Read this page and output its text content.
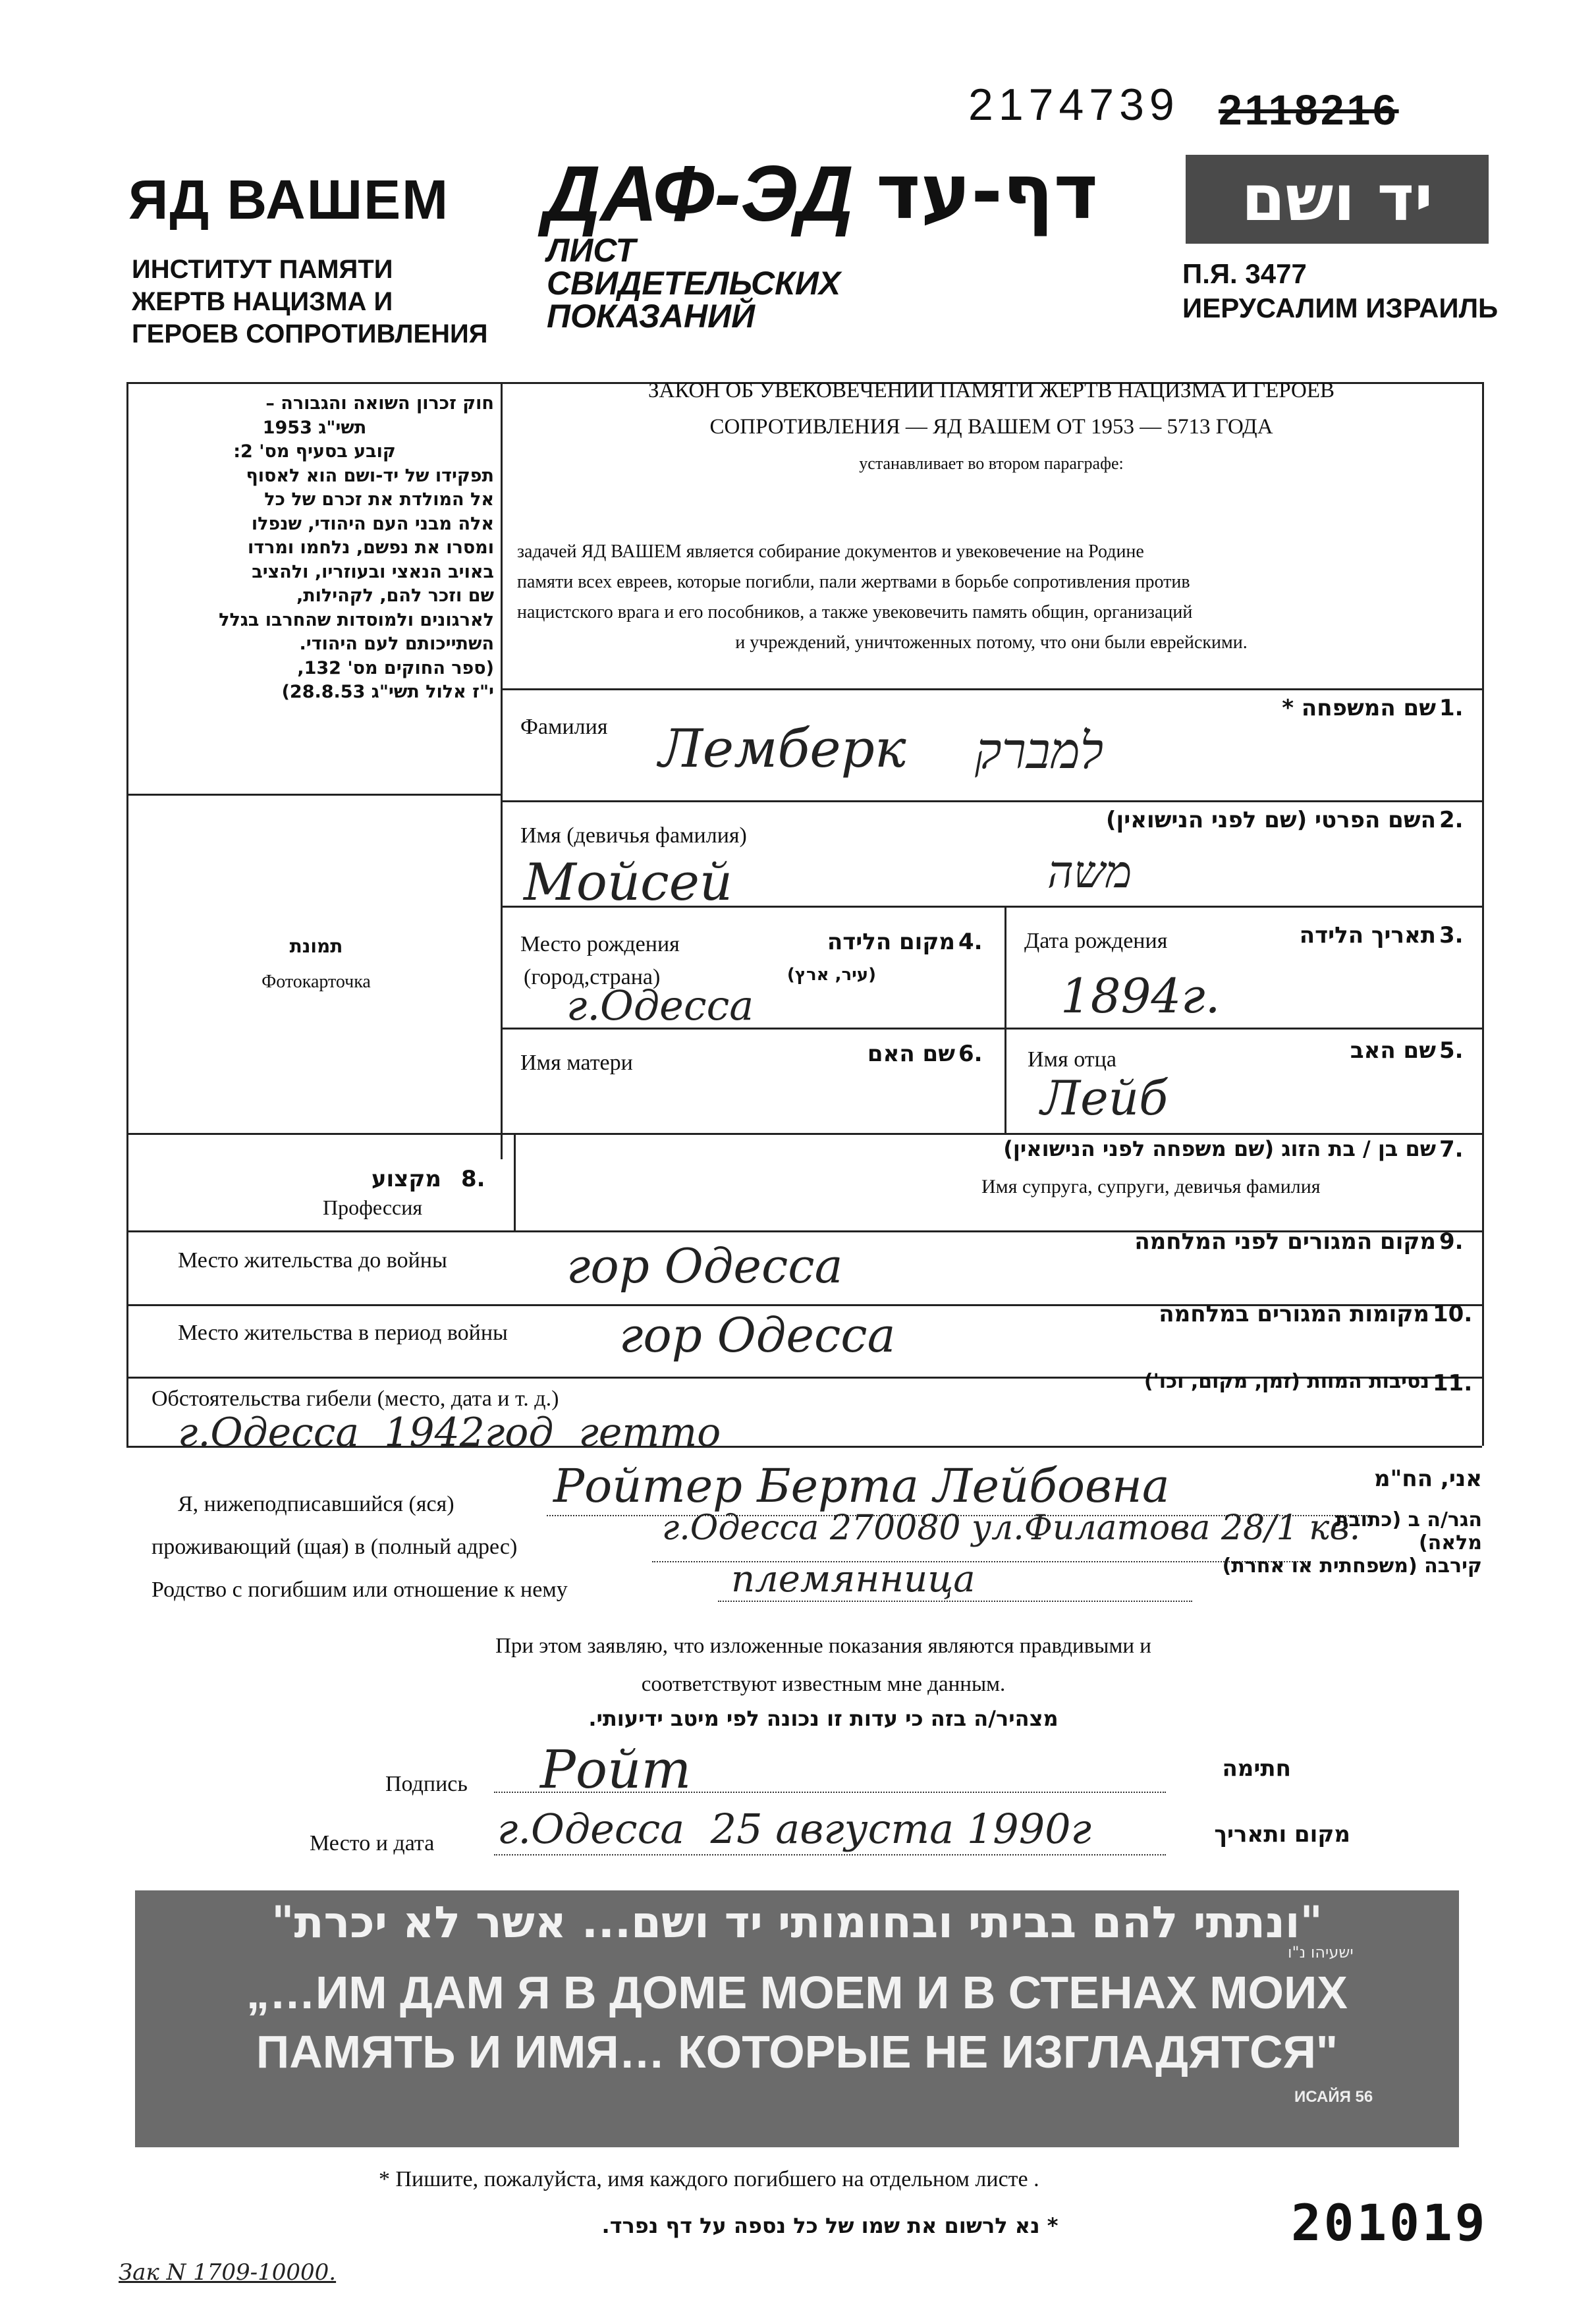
2174739 2118216
ЯД ВАШЕМ ДАФ-ЭД דף-עד	יד ושם
ИНСТИТУТ ПАМЯТИ
ЖЕРТВ НАЦИЗМА И
ГЕРОЕВ СОПРОТИВЛЕНИЯ
ЛИСТ
СВИДЕТЕЛЬСКИХ
ПОКАЗАНИЙ
П.Я. 3477
ИЕРУСАЛИМ ИЗРАИЛЬ
חוק זכרון השואה והגבורה –
תשי"ג 1953
קובע בסעיף מס' 2:
תפקידו של יד-ושם הוא לאסוף
אל המולדת את זכרם של כל
אלה מבני העם היהודי, שנפלו
ומסרו את נפשם, נלחמו ומרדו
באויב הנאצי ובעוזריו, ולהציב
שם וזכר להם, לקהילות,
לארגונים ולמוסדות שהחרבו בגלל
השתייכותם לעם היהודי.
(ספר החוקים מס' 132,
י"ז אלול תשי"ג 28.8.53)
ЗАКОН ОБ УВЕКОВЕЧЕНИИ ПАМЯТИ ЖЕРТВ НАЦИЗМА И ГЕРОЕВ
СОПРОТИВЛЕНИЯ — ЯД ВАШЕМ ОТ 1953 — 5713 ГОДА
устанавливает во втором параграфе:
задачей ЯД ВАШЕМ является собирание документов и увековечение на Родине
памяти всех евреев, которые погибли, пали жертвами в борьбе сопротивления против
нацистского врага и его пособников, а также увековечить память общин, организаций
и учреждений, уничтоженных потому, что они были еврейскими.
תמונת
Фотокарточка
Фамилия
שם המשפחה * 1.
Лемберк למברק
Имя (девичья фамилия)
השם הפרטי (שם לפני הנישואין) 2.
Мойсей	משה
Место рождения
(город,страна)
מקום הלידה
(עיר, ארץ)
4.
г.Одесса
Дата рождения	תאריך הלידה 3.
1894г.
Имя матери	שם האם 6. Имя отца	שם האב 5.
Лейб
מקצוע 8.
Профессия
שם בן / בת הזוג (שם משפחה לפני הנישואין) 7.
Имя супруга, супруги, девичья фамилия
Место жительства до войны	гор Одесса	מקום המגורים לפני המלחמה 9.
Место жительства в период войны гор Одесса	מקומות המגורים במלחמה 10.
Обстоятельства гибели (место, дата и т. д.)
נסיבות המוות (זמן, מקום, וכו') 11.
г.Одесса  1942год  гетто
Я, нижеподписавшийся (яся) Ройтер Берта Лейбовна	אני, הח"מ
проживающий (щая) в (полный адрес)	г.Одесса 270080 ул.Филатова 28/1 кв.
הגר/ה ב (כתובת מלאה)
Родство с погибшим или отношение к нему	племянница	קירבה (משפחתית או אחרת)
При этом заявляю, что изложенные показания являются правдивыми и
соответствуют известным мне данным.
מצהיר/ה בזה כי עדות זו נכונה לפי מיטב ידיעותי.
Подпись Ройт	חתימה
Место и дата г.Одесса  25 августа 1990г	מקום ותאריך
"ונתתי להם בביתי ובחומותי יד ושם... אשר לא יכרת"
ישעיהו נ"ו
„…ИМ ДАМ Я В ДОМЕ МОЕМ И В СТЕНАХ МОИХ
ПАМЯТЬ И ИМЯ… КОТОРЫЕ НЕ ИЗГЛАДЯТСЯ"
ИСАЙЯ 56
* Пишите, пожалуйста, имя каждого погибшего на отдельном листе .
* נא לרשום את שמו של כל נספה על דף נפרד.	201019
Зак N 1709-10000.
